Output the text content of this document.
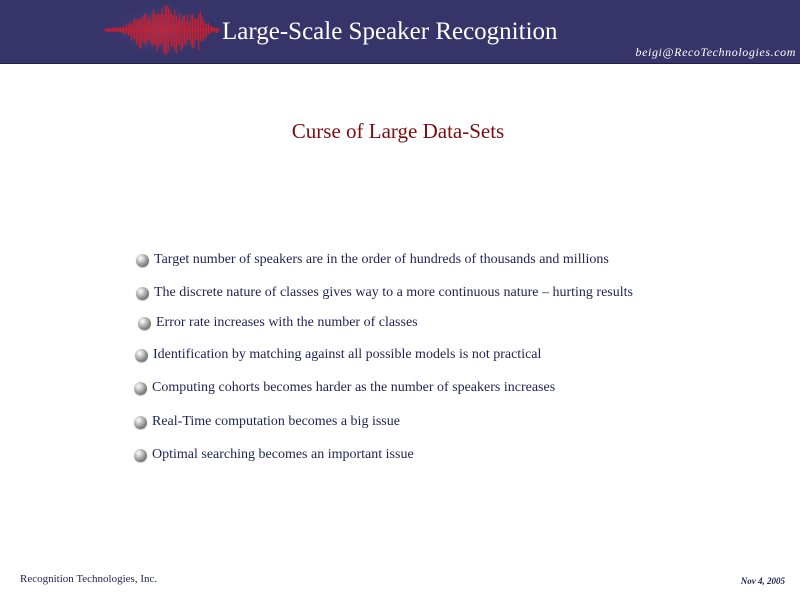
Large-Scale Speaker Recognition
beigi@RecoTechnologies.com
Curse of Large Data-Sets
Target number of speakers are in the order of hundreds of thousands and millions
The discrete nature of classes gives way to a more continuous nature – hurting results
Error rate increases with the number of classes
Identification by matching against all possible models is not practical
Computing cohorts becomes harder as the number of speakers increases
Real-Time computation becomes a big issue
Optimal searching becomes an important issue
Recognition Technologies, Inc.	Nov 4, 2005
